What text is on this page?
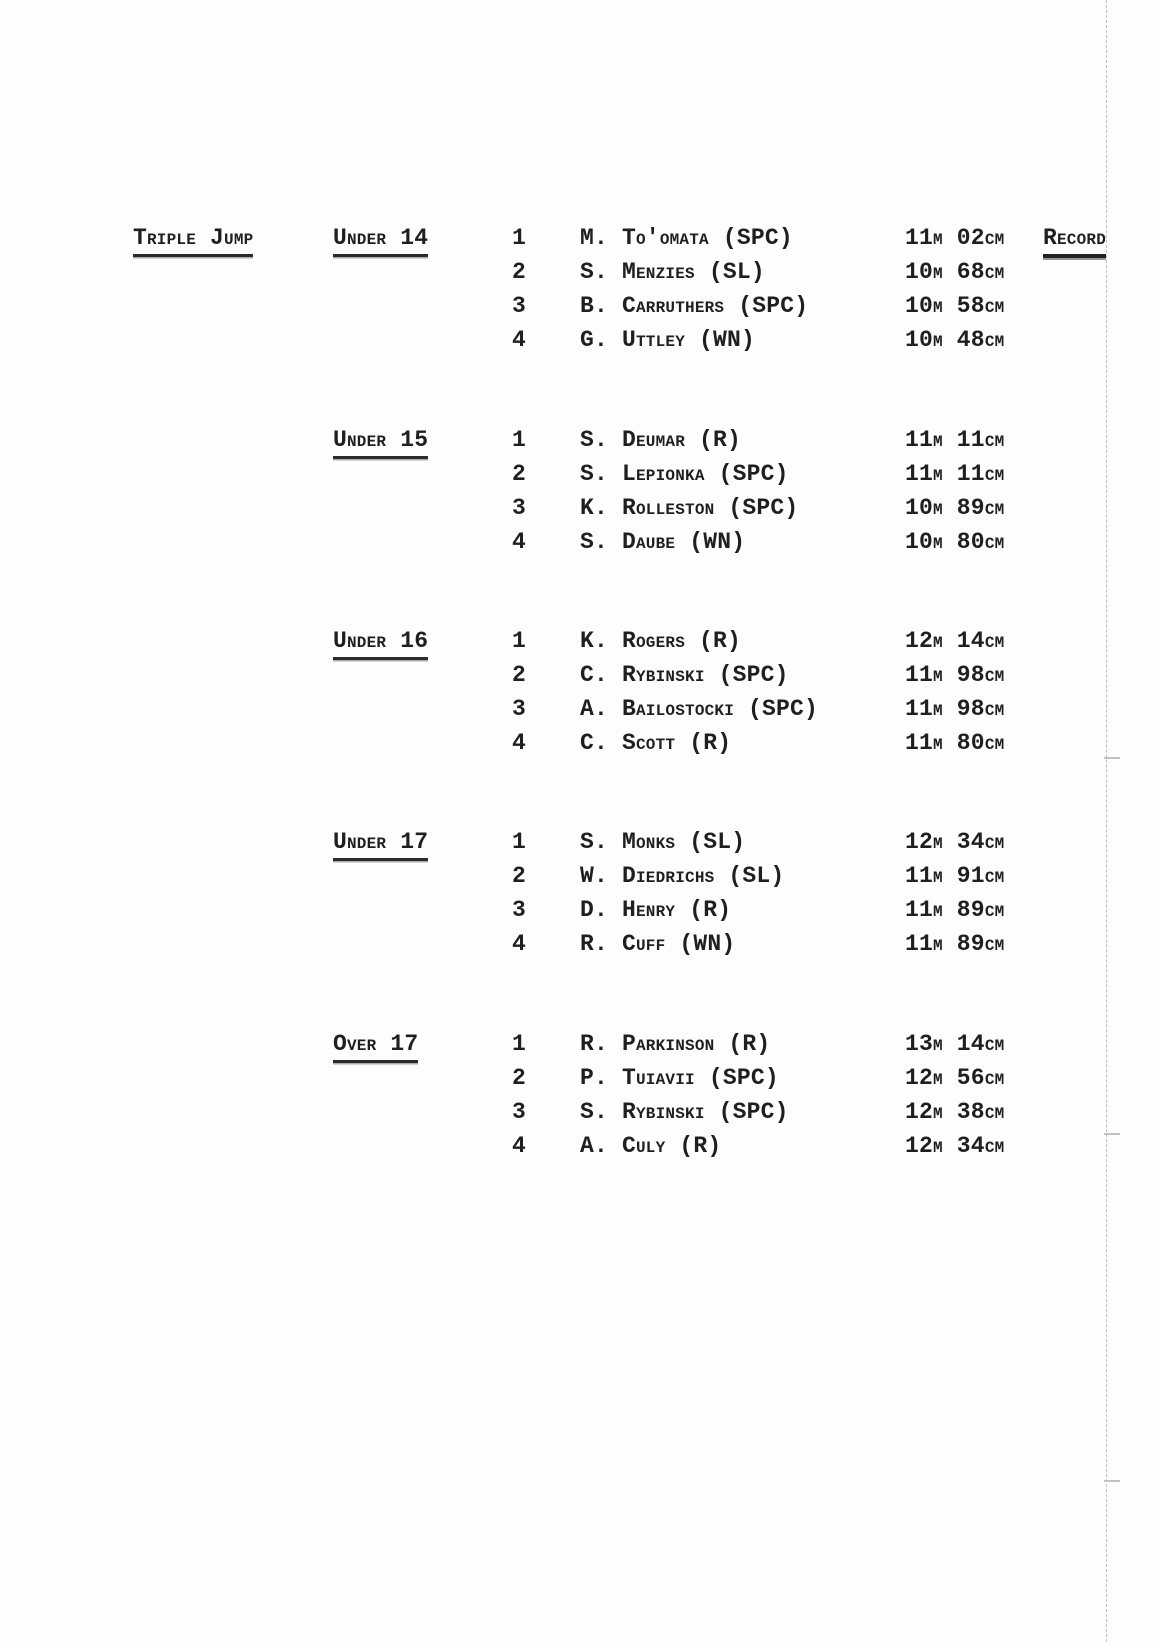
Triple Jump	Under 14	1 M. To'omata (SPC)	11m 02cm Record
2 S. Menzies (SL)	10m 68cm
3 B. Carruthers (SPC)	10m 58cm
4 G. Uttley (WN)	10m 48cm
Under 15	1 S. Deumar (R)	11m 11cm
2 S. Lepionka (SPC)	11m 11cm
3 K. Rolleston (SPC)	10m 89cm
4 S. Daube (WN)	10m 80cm
Under 16	1 K. Rogers (R)	12m 14cm
2 C. Rybinski (SPC)	11m 98cm
3 A. Bailostocki (SPC)	11m 98cm
4 C. Scott (R)	11m 80cm
Under 17	1 S. Monks (SL)	12m 34cm
2 W. Diedrichs (SL)	11m 91cm
3 D. Henry (R)	11m 89cm
4 R. Cuff (WN)	11m 89cm
Over 17	1 R. Parkinson (R)	13m 14cm
2 P. Tuiavii (SPC)	12m 56cm
3 S. Rybinski (SPC)	12m 38cm
4 A. Culy (R)	12m 34cm
